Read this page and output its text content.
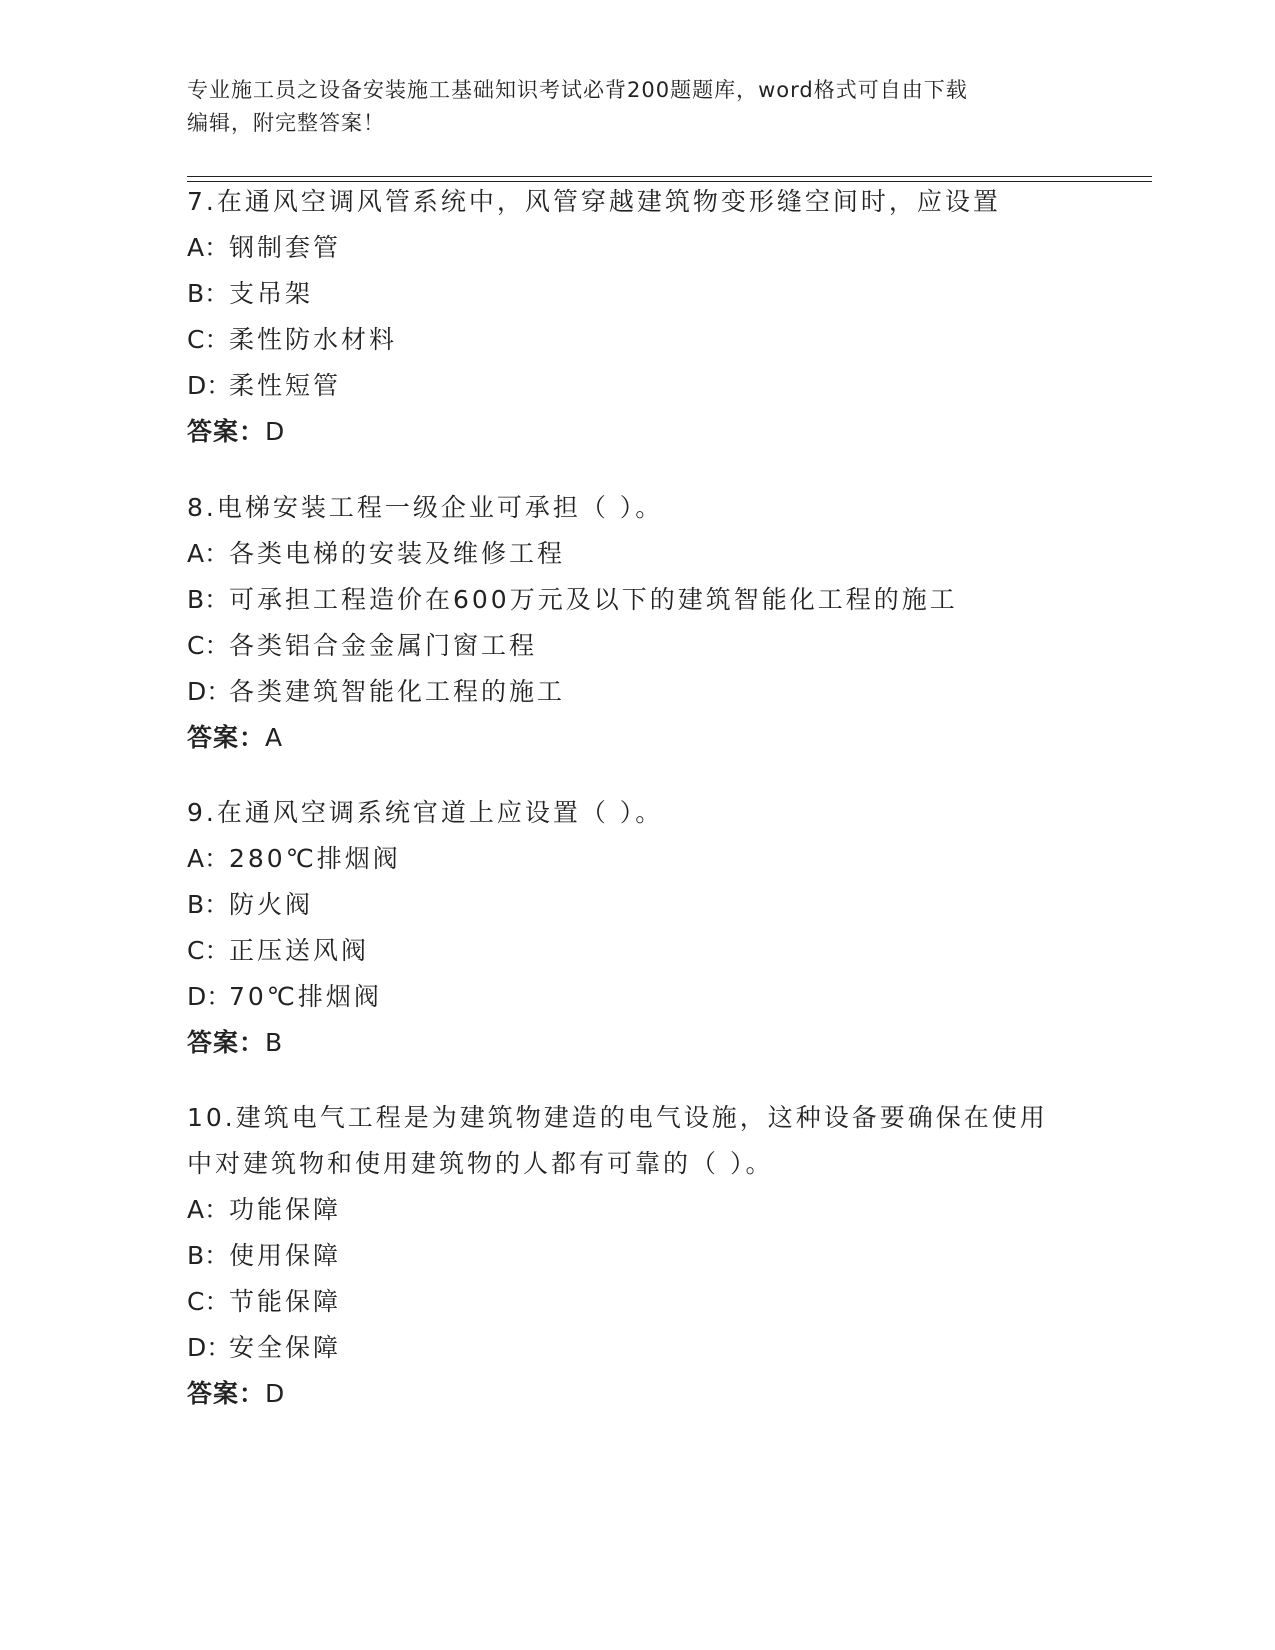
专业施工员之设备安装施工基础知识考试必背200题题库，word格式可自由下载
编辑，附完整答案！
7.在通风空调风管系统中，风管穿越建筑物变形缝空间时，应设置
A：钢制套管
B：支吊架
C：柔性防水材料
D：柔性短管
答案：D
8.电梯安装工程一级企业可承担（ ）。
A：各类电梯的安装及维修工程
B：可承担工程造价在600万元及以下的建筑智能化工程的施工
C：各类铝合金金属门窗工程
D：各类建筑智能化工程的施工
答案：A
9.在通风空调系统官道上应设置（ ）。
A：280℃排烟阀
B：防火阀
C：正压送风阀
D：70℃排烟阀
答案：B
10.建筑电气工程是为建筑物建造的电气设施，这种设备要确保在使用
中对建筑物和使用建筑物的人都有可靠的（ ）。
A：功能保障
B：使用保障
C：节能保障
D：安全保障
答案：D
